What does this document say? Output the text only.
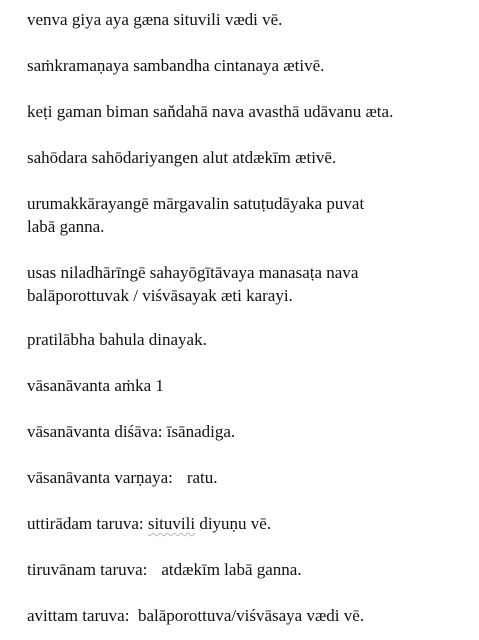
venva giya aya gæna situvili vædi vē.

saṁkramaṇaya sambandha cintanaya ætivē.

keṭi gaman biman saňdahā nava avasthā udāvanu æta.

sahōdara sahōdariyangen alut atdækīm ætivē.

urumakkārayangē mārgavalin satuṭudāyaka puvat
labā ganna.

usas niladhārīngē sahayōgītāvaya manasaṭa nava
balāporottuvak / viśvāsayak æti karayi.

pratilābha bahula dinayak.

vāsanāvanta aṁka 1

vāsanāvanta diśāva: īsānadiga.

vāsanāvanta varṇaya: ratu.

uttirādam taruva: situvili diyuṇu vē.

tiruvānam taruva: atdækīm labā ganna.

avittam taruva: balāporottuva/viśvāsaya vædi vē.
